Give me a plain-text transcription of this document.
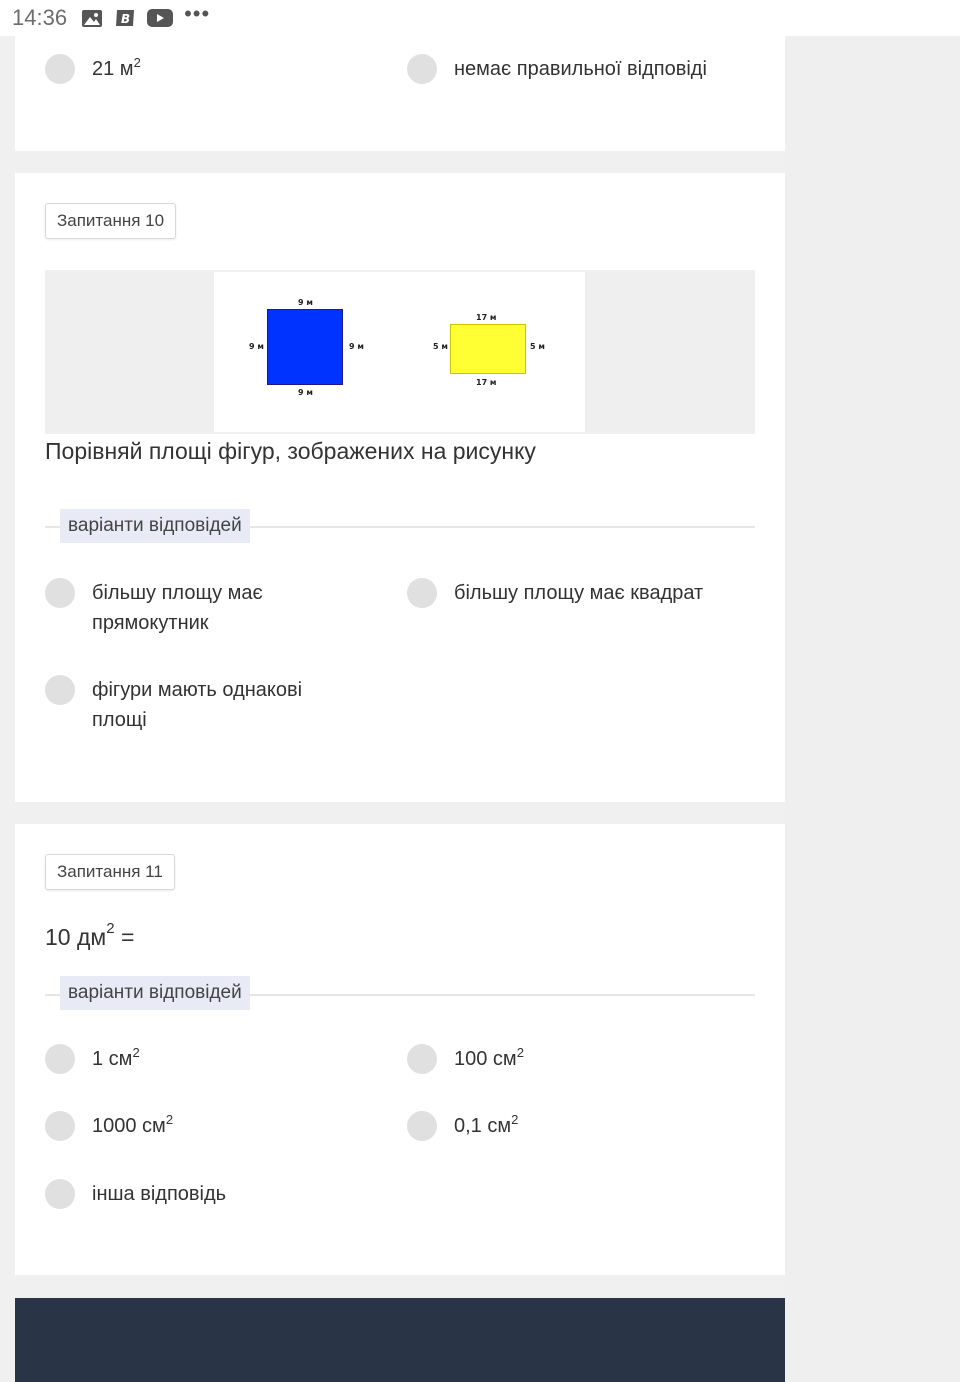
14:36	B •••
21 $м^2$	немає правильної відповіді
Запитання 10
9 м
9 м
9 м	9 м
17 м
17 м
5 м	5 м
Порівняй площі фігур, зображених на рисунку
варіанти відповідей
більшу площу має
прямокутник
більшу площу має квадрат
фігури мають однакові
площі
Запитання 11
10 $дм^2$ =
варіанти відповідей
1 $см^2$	100 $см^2$
1000 $см^2$	0,1 $см^2$
інша відповідь
